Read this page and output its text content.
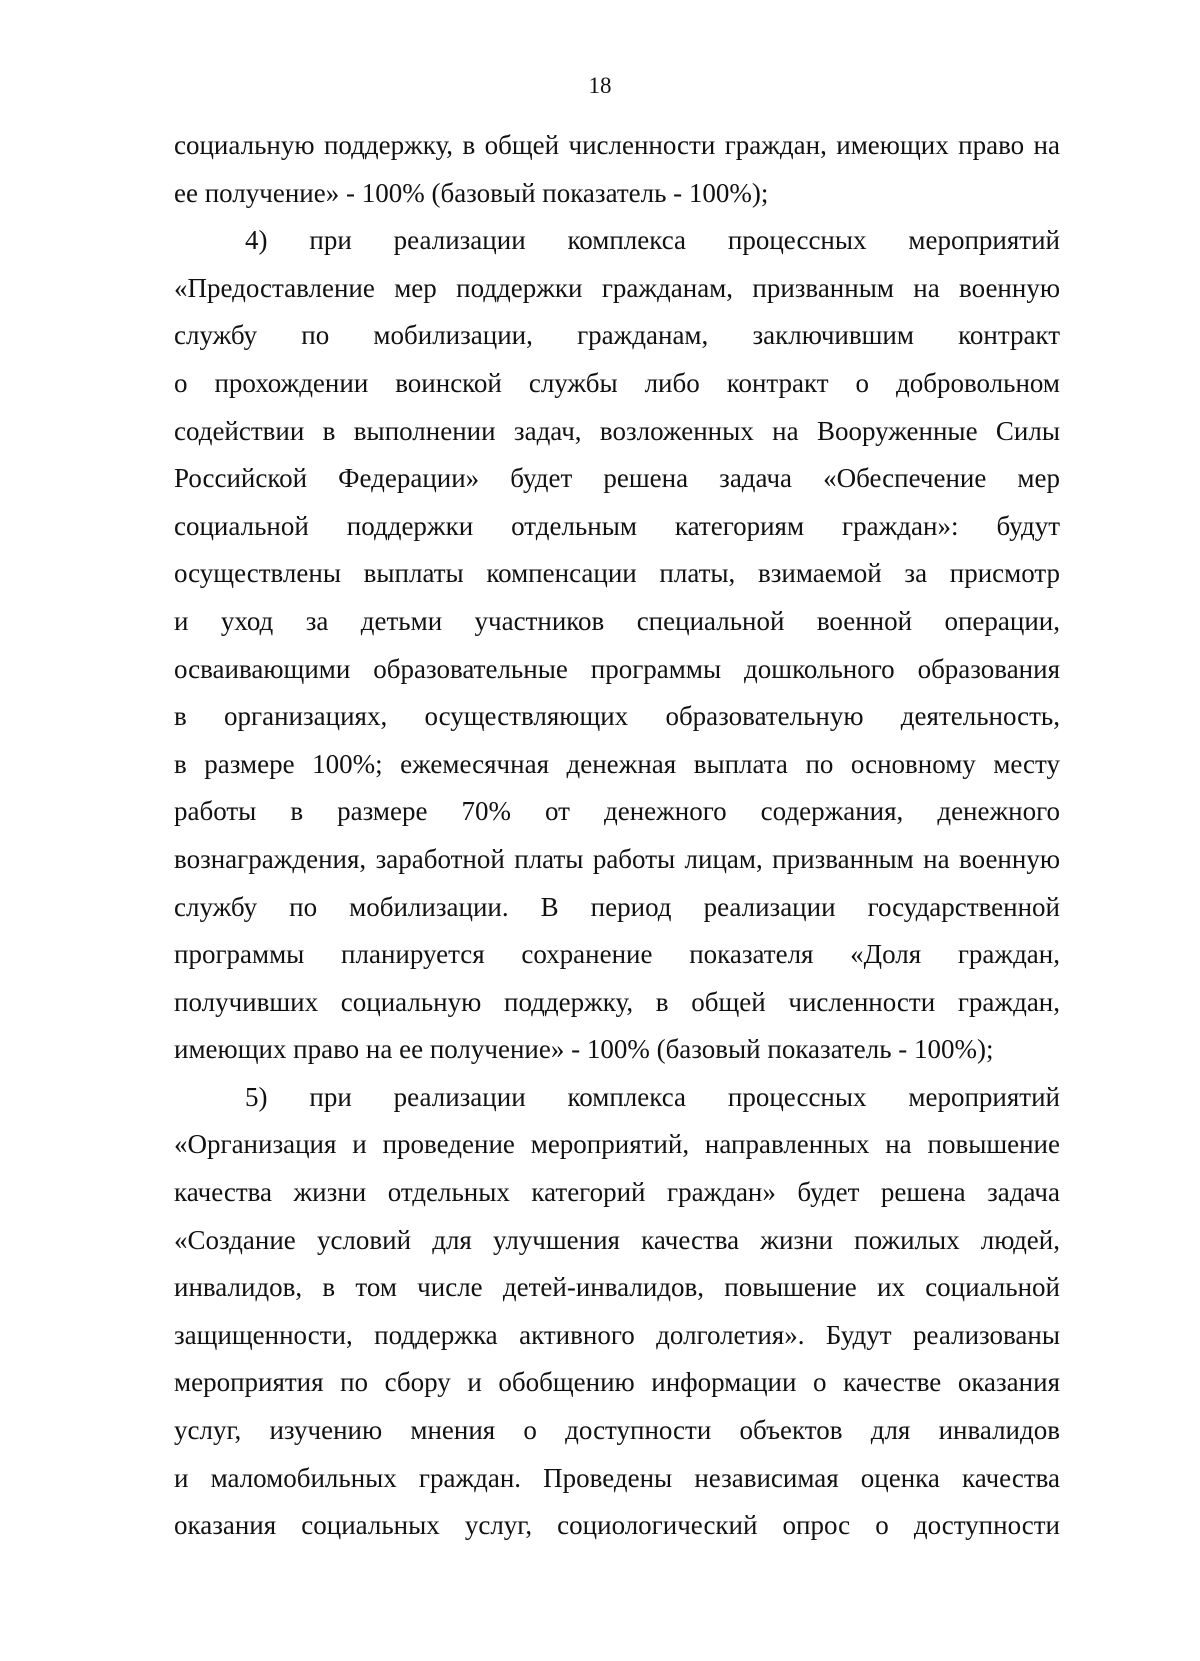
18
социальную поддержку, в общей численности граждан, имеющих право на
ее получение» - 100% (базовый показатель - 100%);
4) при реализации комплекса процессных мероприятий
«Предоставление мер поддержки гражданам, призванным на военную
службу по мобилизации, гражданам, заключившим контракт
о прохождении воинской службы либо контракт о добровольном
содействии в выполнении задач, возложенных на Вооруженные Силы
Российской Федерации» будет решена задача «Обеспечение мер
социальной поддержки отдельным категориям граждан»: будут
осуществлены выплаты компенсации платы, взимаемой за присмотр
и уход за детьми участников специальной военной операции,
осваивающими образовательные программы дошкольного образования
в организациях, осуществляющих образовательную деятельность,
в размере 100%; ежемесячная денежная выплата по основному месту
работы в размере 70% от денежного содержания, денежного
вознаграждения, заработной платы работы лицам, призванным на военную
службу по мобилизации. В период реализации государственной
программы планируется сохранение показателя «Доля граждан,
получивших социальную поддержку, в общей численности граждан,
имеющих право на ее получение» - 100% (базовый показатель - 100%);
5) при реализации комплекса процессных мероприятий
«Организация и проведение мероприятий, направленных на повышение
качества жизни отдельных категорий граждан» будет решена задача
«Создание условий для улучшения качества жизни пожилых людей,
инвалидов, в том числе детей-инвалидов, повышение их социальной
защищенности, поддержка активного долголетия». Будут реализованы
мероприятия по сбору и обобщению информации о качестве оказания
услуг, изучению мнения о доступности объектов для инвалидов
и маломобильных граждан. Проведены независимая оценка качества
оказания социальных услуг, социологический опрос о доступности
